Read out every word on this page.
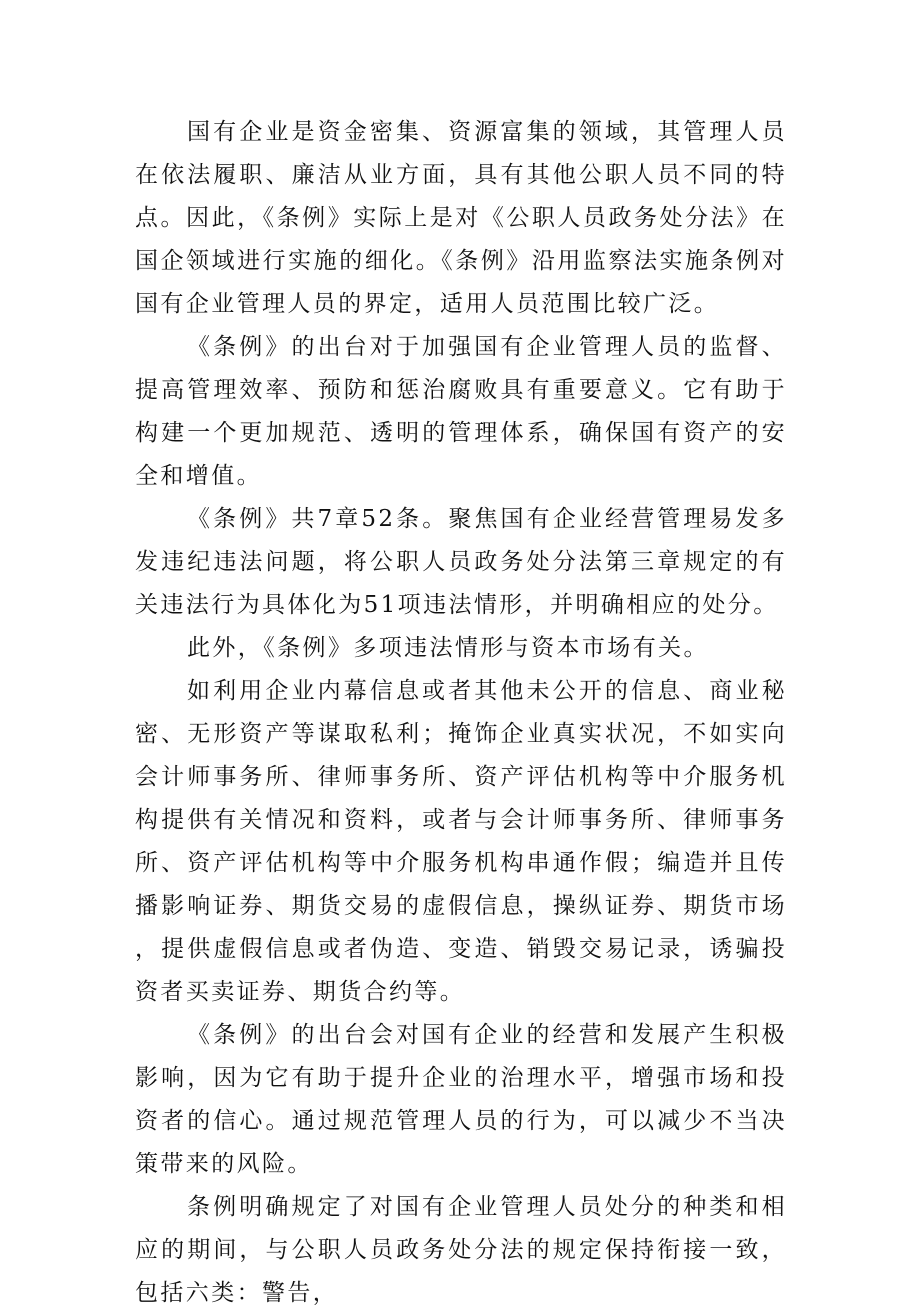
国有企业是资金密集、资源富集的领域，其管理人员在依法履职、廉洁从业方面，具有其他公职人员不同的特点。因此，《条例》实际上是对《公职人员政务处分法》在国企领域进行实施的细化。《条例》沿用监察法实施条例对国有企业管理人员的界定，适用人员范围比较广泛。

《条例》的出台对于加强国有企业管理人员的监督、提高管理效率、预防和惩治腐败具有重要意义。它有助于构建一个更加规范、透明的管理体系，确保国有资产的安全和增值。

《条例》共7章52条。聚焦国有企业经营管理易发多发违纪违法问题，将公职人员政务处分法第三章规定的有关违法行为具体化为51项违法情形，并明确相应的处分。

此外，《条例》多项违法情形与资本市场有关。

如利用企业内幕信息或者其他未公开的信息、商业秘密、无形资产等谋取私利；掩饰企业真实状况，不如实向会计师事务所、律师事务所、资产评估机构等中介服务机构提供有关情况和资料，或者与会计师事务所、律师事务所、资产评估机构等中介服务机构串通作假；编造并且传播影响证券、期货交易的虚假信息，操纵证券、期货市场，提供虚假信息或者伪造、变造、销毁交易记录，诱骗投资者买卖证券、期货合约等。

《条例》的出台会对国有企业的经营和发展产生积极影响，因为它有助于提升企业的治理水平，增强市场和投资者的信心。通过规范管理人员的行为，可以减少不当决策带来的风险。

条例明确规定了对国有企业管理人员处分的种类和相应的期间，与公职人员政务处分法的规定保持衔接一致，包括六类：警告，
